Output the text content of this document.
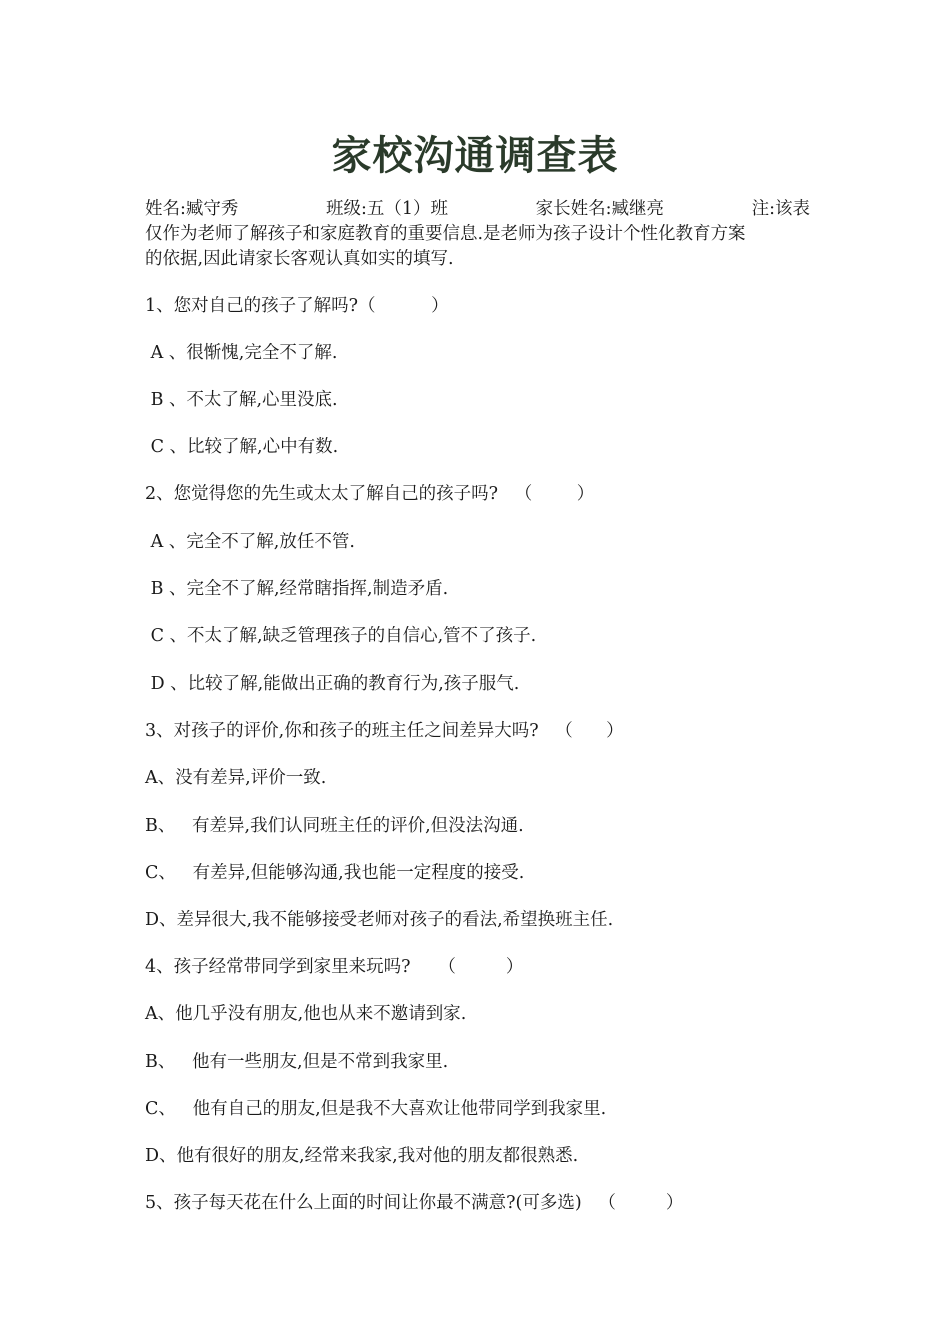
家校沟通调查表
姓名:臧守秀	班级:五（1）班	家长姓名:臧继亮	注:该表
仅作为老师了解孩子和家庭教育的重要信息.是老师为孩子设计个性化教育方案
的依据,因此请家长客观认真如实的填写.
1、您对自己的孩子了解吗?（          ）
A 、很惭愧,完全不了解.
B 、不太了解,心里没底.
C 、比较了解,心中有数.
2、您觉得您的先生或太太了解自己的孩子吗?   （        ）
A 、完全不了解,放任不管.
B 、完全不了解,经常瞎指挥,制造矛盾.
C 、不太了解,缺乏管理孩子的自信心,管不了孩子.
D 、比较了解,能做出正确的教育行为,孩子服气.
3、对孩子的评价,你和孩子的班主任之间差异大吗?   （      ）
A、没有差异,评价一致.
B、   有差异,我们认同班主任的评价,但没法沟通.
C、   有差异,但能够沟通,我也能一定程度的接受.
D、差异很大,我不能够接受老师对孩子的看法,希望换班主任.
4、孩子经常带同学到家里来玩吗?     （         ）
A、他几乎没有朋友,他也从来不邀请到家.
B、   他有一些朋友,但是不常到我家里.
C、   他有自己的朋友,但是我不大喜欢让他带同学到我家里.
D、他有很好的朋友,经常来我家,我对他的朋友都很熟悉.
5、孩子每天花在什么上面的时间让你最不满意?(可多选)   （         ）
